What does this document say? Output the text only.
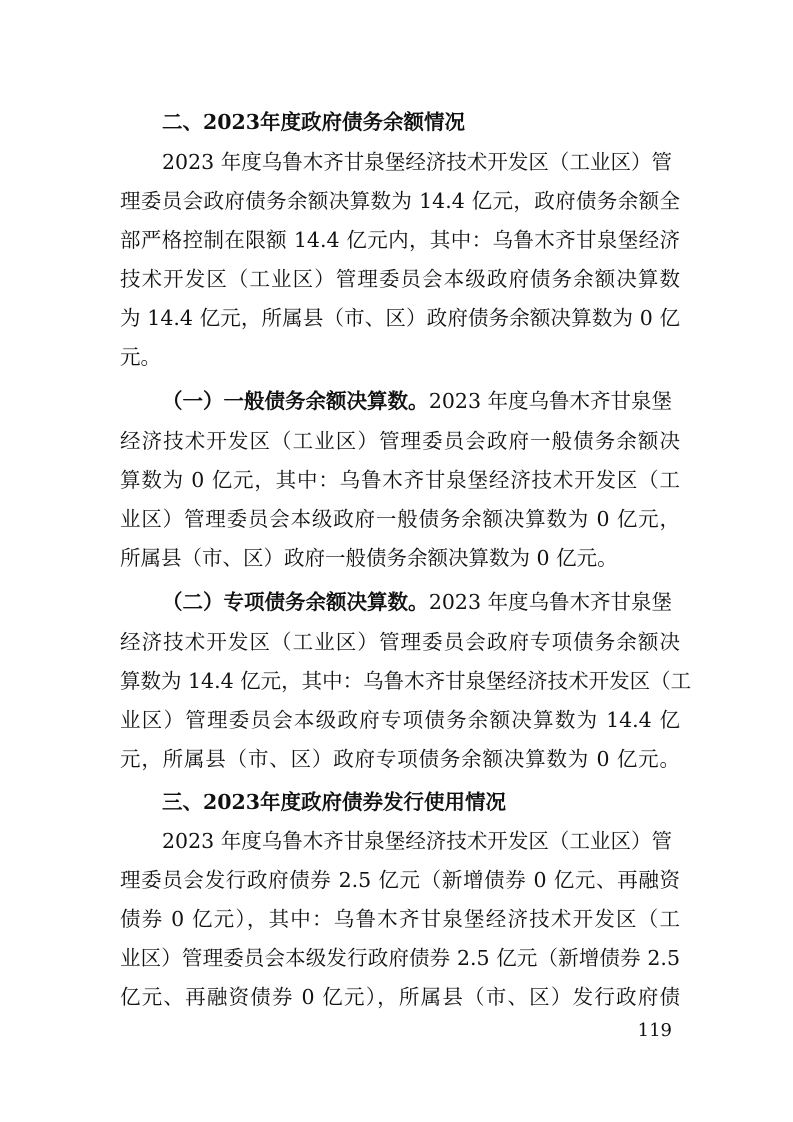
二、2023年度政府债务余额情况
2023 年度乌鲁木齐甘泉堡经济技术开发区（工业区）管
理委员会政府债务余额决算数为 14.4 亿元，政府债务余额全
部严格控制在限额 14.4 亿元内，其中：乌鲁木齐甘泉堡经济
技术开发区（工业区）管理委员会本级政府债务余额决算数
为 14.4 亿元，所属县（市、区）政府债务余额决算数为 0 亿
元。
（一）一般债务余额决算数。 2023 年度乌鲁木齐甘泉堡
经济技术开发区（工业区）管理委员会政府一般债务余额决
算数为 0 亿元，其中：乌鲁木齐甘泉堡经济技术开发区（工
业区）管理委员会本级政府一般债务余额决算数为 0 亿元，
所属县（市、区）政府一般债务余额决算数为 0 亿元。
（二）专项债务余额决算数。 2023 年度乌鲁木齐甘泉堡
经济技术开发区（工业区）管理委员会政府专项债务余额决
算数为 14.4 亿元，其中：乌鲁木齐甘泉堡经济技术开发区（工
业区）管理委员会本级政府专项债务余额决算数为 14.4 亿
元，所属县（市、区）政府专项债务余额决算数为 0 亿元。
三、2023年度政府债券发行使用情况
2023 年度乌鲁木齐甘泉堡经济技术开发区（工业区）管
理委员会发行政府债券 2.5 亿元（新增债券 0 亿元、再融资
债券 0 亿元），其中：乌鲁木齐甘泉堡经济技术开发区（工
业区）管理委员会本级发行政府债券 2.5 亿元（新增债券 2.5
亿元、再融资债券 0 亿元），所属县（市、区）发行政府债
119
